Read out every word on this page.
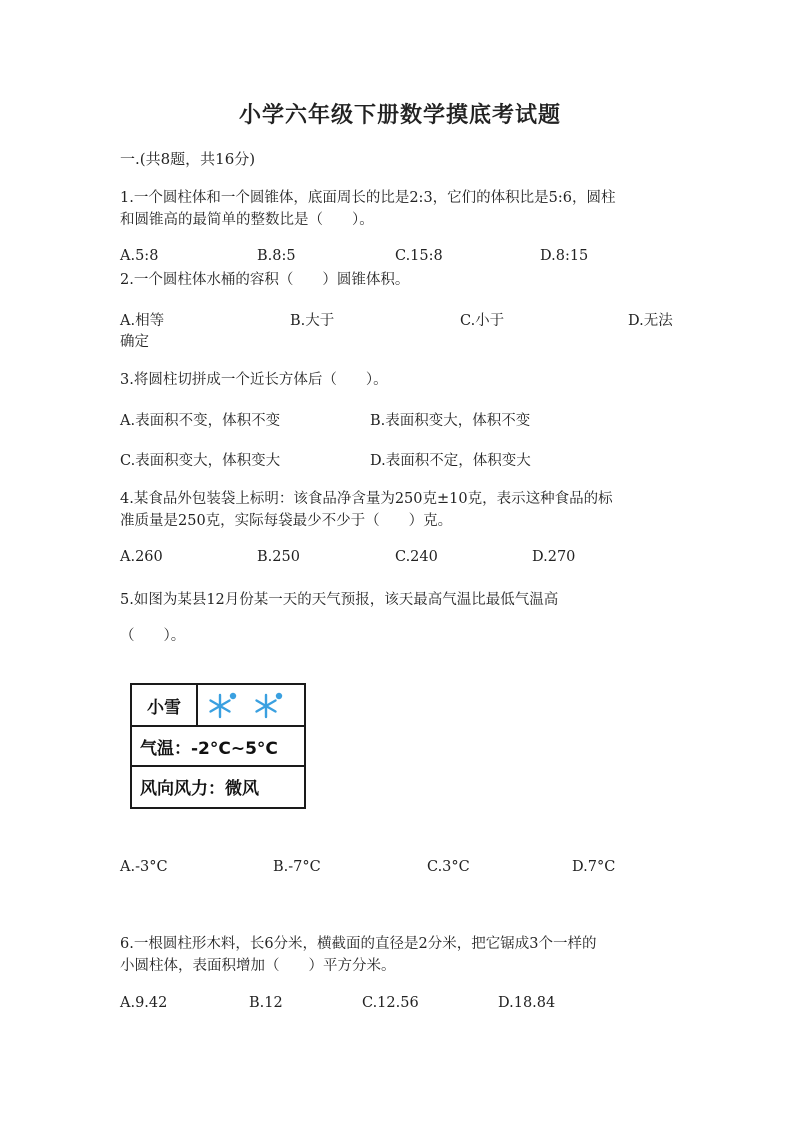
小学六年级下册数学摸底考试题
一.(共8题，共16分)
1.一个圆柱体和一个圆锥体，底面周长的比是2:3，它们的体积比是5:6，圆柱
和圆锥高的最简单的整数比是（　　）。
A.5:8	B.8:5	C.15:8	D.8:15
2.一个圆柱体水桶的容积（　　）圆锥体积。
A.相等	B.大于	C.小于	D.无法
确定
3.将圆柱切拼成一个近长方体后（　　）。
A.表面积不变，体积不变	B.表面积变大，体积不变
C.表面积变大，体积变大	D.表面积不定，体积变大
4.某食品外包装袋上标明：该食品净含量为250克±10克，表示这种食品的标
准质量是250克，实际每袋最少不少于（　　）克。
A.260	B.250	C.240	D.270
5.如图为某县12月份某一天的天气预报，该天最高气温比最低气温高
（　　）。
小雪
气温：-2°C~5°C
风向风力：微风
A.-3°C	B.-7°C	C.3°C	D.7°C
6.一根圆柱形木料，长6分米，横截面的直径是2分米，把它锯成3个一样的
小圆柱体，表面积增加（　　）平方分米。
A.9.42	B.12	C.12.56	D.18.84
